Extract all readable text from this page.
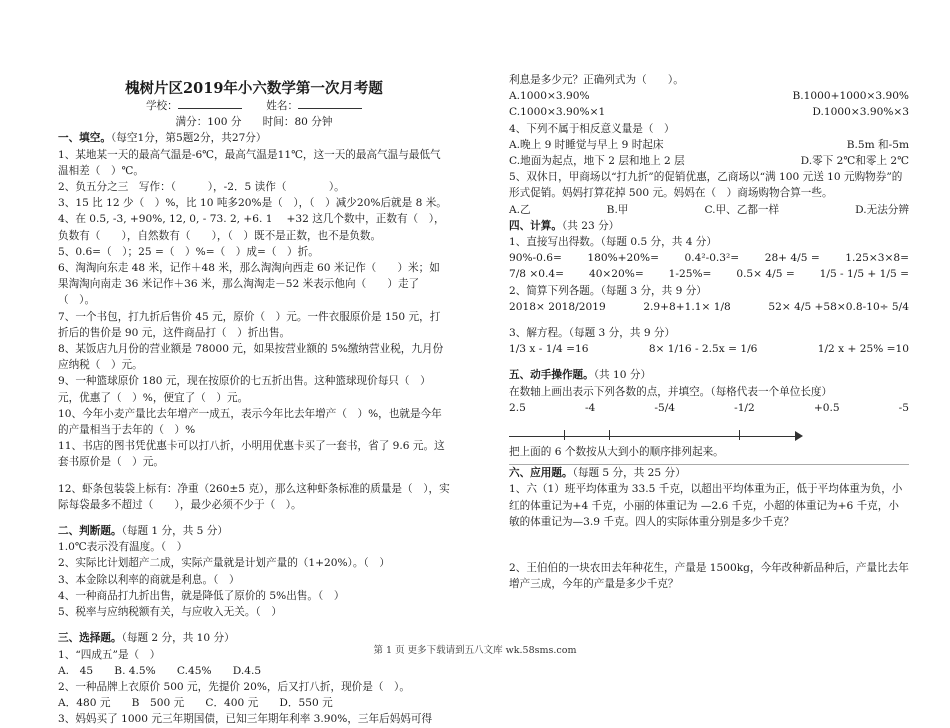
槐树片区2019年小六数学第一次月考题
学校： 　　	姓名：
满分：100 分　　时间：80 分钟

一、填空。（每空1分，第5题2分，共27分）

1、某地某一天的最高气温是-6℃，最高气温是11℃，这一天的最高气温与最低气温相差（　）℃。

2、负五分之三　写作：（　　　），-2．5 读作（　　　　）。

3、15 比 12 少（　）%，比 10 吨多20%是（　），（　）减少20%后就是 8 米。

4、在 0.5, -3, +90%, 12, 0, - 73. 2, +6. 1 　+32 这几个数中，正数有（　），负数有（　　），自然数有（　　），（　）既不是正数，也不是负数。

5、0.6=（　）；25 =（　）%=（　）成=（　）折。

6、淘淘向东走 48 米，记作＋48 米，那么淘淘向西走 60 米记作（　　）米；如果淘淘向南走 36 米记作＋36 米，那么淘淘走－52 米表示他向（　　）走了（　）。

7、一个书包，打九折后售价 45 元，原价（　）元。一件衣服原价是 150 元，打折后的售价是 90 元，这件商品打（　）折出售。

8、某饭店九月份的营业额是 78000 元，如果按营业额的 5%缴纳营业税，九月份应纳税（　）元。

9、一种篮球原价 180 元，现在按原价的七五折出售。这种篮球现价每只（　）元，优惠了（　）%，便宜了（　）元。

10、今年小麦产量比去年增产一成五，表示今年比去年增产（　）%，也就是今年的产量相当于去年的（　）%

11、书店的图书凭优惠卡可以打八折，小明用优惠卡买了一套书，省了 9.6 元。这套书原价是（　）元。

12、虾条包装袋上标有：净重（260±5 克），那么这种虾条标准的质量是（　），实际每袋最多不超过（　　），最少必须不少于（　）。

二、判断题。（每题 1 分，共 5 分）

1.0℃表示没有温度。（　）

2、实际比计划超产二成，实际产量就是计划产量的（1+20%）。（　）

3、本金除以利率的商就是利息。（　）

4、一种商品打九折出售，就是降低了原价的 5%出售。（　）

5、税率与应纳税额有关，与应收入无关。（　）

三、选择题。（每题 2 分，共 10 分）

1、“四成五”是（　）

A.　45　　B. 4.5%　　C.45%　　D.4.5

2、一种品牌上衣原价 500 元，先提价 20%，后又打八折，现价是（　）。

A．480 元　　B　500 元　　C．400 元　　D．550 元

3、妈妈买了 1000 元三年期国债，已知三年期年利率 3.90%，三年后妈妈可得

利息是多少元？正确列式为（　　）。

A.1000×3.90%	B.1000+1000×3.90%
C.1000×3.90%×1	D.1000×3.90%×3

4、下列不属于相反意义量是（　）

A.晚上 9 时睡觉与早上 9 时起床	B.5m 和-5m
C.地面为起点，地下 2 层和地上 2 层	D.零下 2℃和零上 2℃

5、双休日，甲商场以“打九折”的促销优惠，乙商场以“满 100 元送 10 元购物券”的形式促销。妈妈打算花掉 500 元。妈妈在（　）商场购物合算一些。

A.乙	B.甲	C.甲、乙都一样	D.无法分辨

四、计算。（共 23 分）

1、直接写出得数。（每题 0.5 分，共 4 分）

90%-0.6= 180%+20%= 0.4²-0.3²= 28+ 4/5 = 1.25×3×8=
7/8 ×0.4= 40×20%= 1-25%= 0.5× 4/5 = 1/5 - 1/5 + 1/5 =

2、简算下列各题。（每题 3 分，共 9 分）

2018× 2018/2019	2.9+8+1.1× 1/8	52× 4/5 +58×0.8-10÷ 5/4

3、解方程。（每题 3 分，共 9 分）

1/3 x - 1/4 =16	8× 1/16 - 2.5x = 1/6	1/2 x + 25% =10

五、动手操作题。（共 10 分）

在数轴上画出表示下列各数的点，并填空。（每格代表一个单位长度）

2.5	-4	-5/4	-1/2	+0.5	-5

把上面的 6 个数按从大到小的顺序排列起来。

六、应用题。（每题 5 分，共 25 分）

1、六（1）班平均体重为 33.5 千克，以超出平均体重为正，低于平均体重为负，小红的体重记为+4 千克，小丽的体重记为 —2.6 千克，小超的体重记为+6 千克，小敏的体重记为—3.9 千克。四人的实际体重分别是多少千克？

2、王伯伯的一块农田去年种花生，产量是 1500kg，今年改种新品种后，产量比去年增产三成，今年的产量是多少千克？

第 1 页 更多下载请到五八文库 wk.58sms.com
